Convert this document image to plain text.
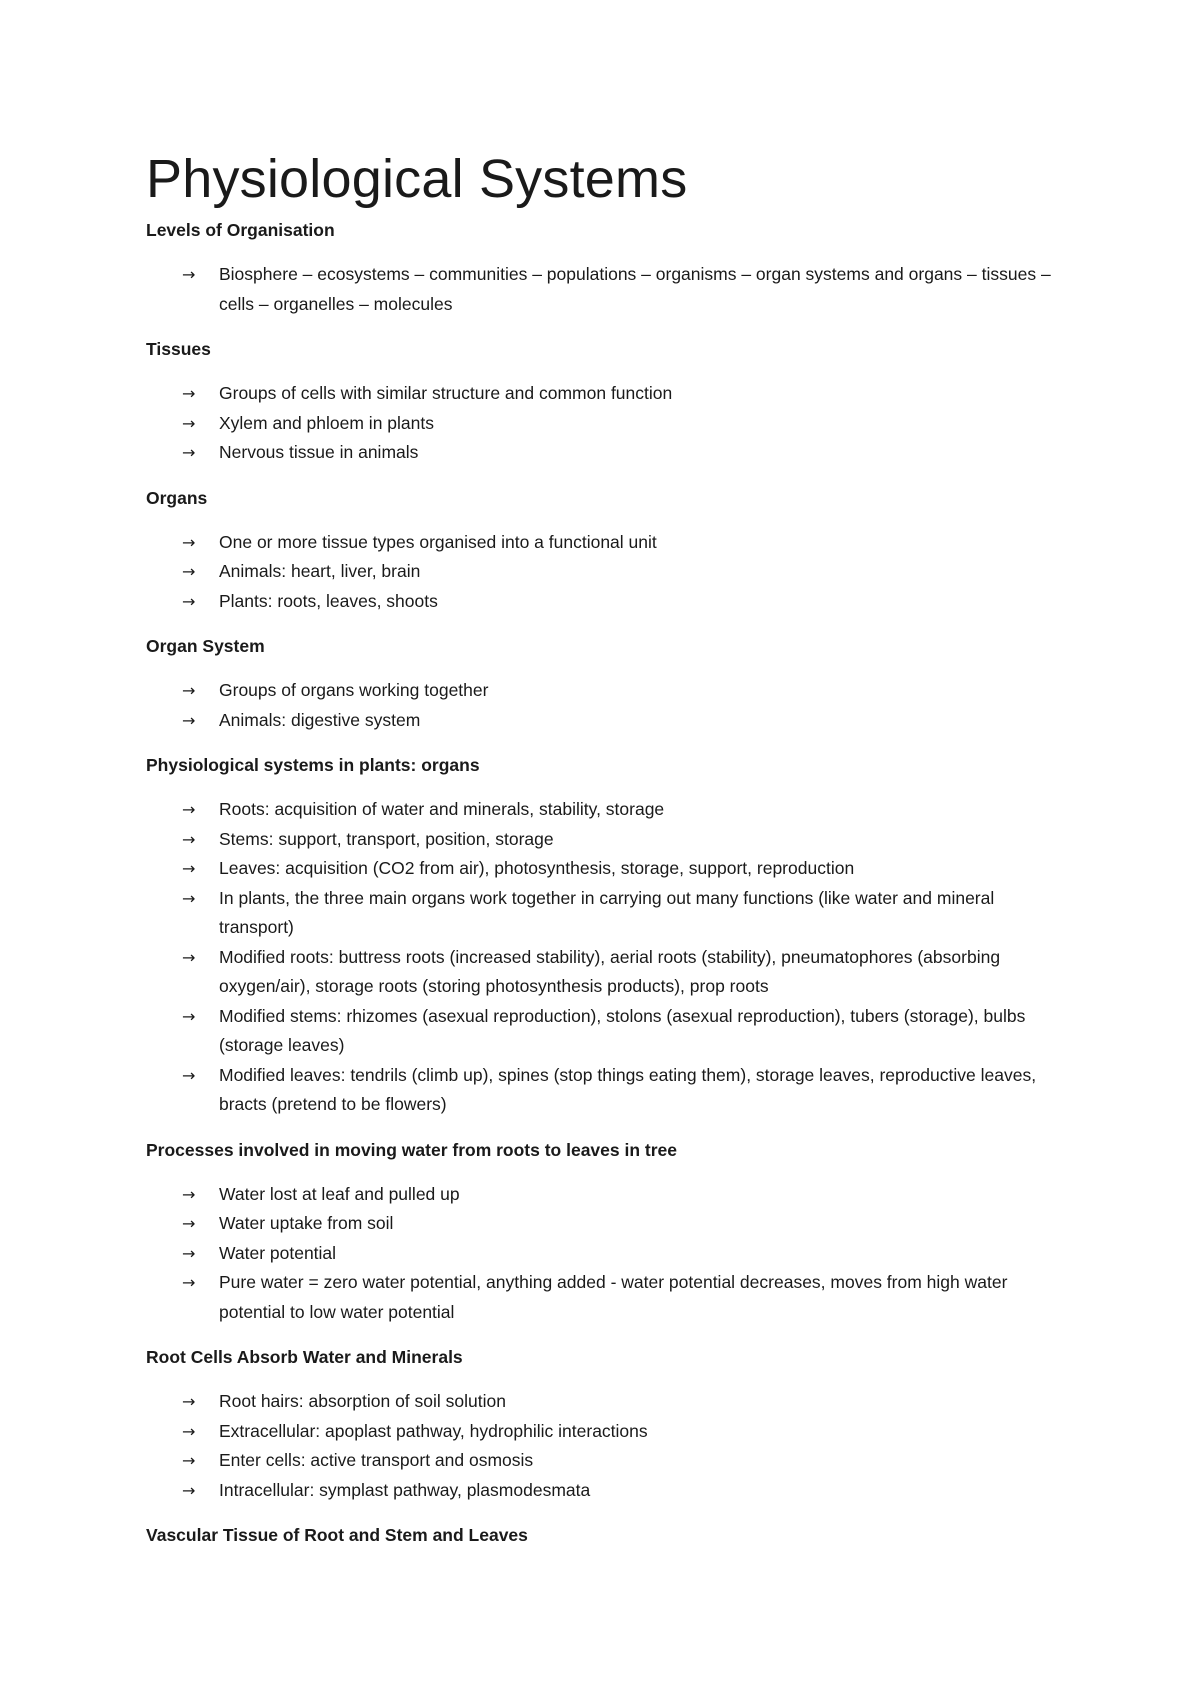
Physiological Systems
Levels of Organisation
→ Biosphere – ecosystems – communities – populations – organisms – organ systems and organs – tissues – cells – organelles – molecules
Tissues
→ Groups of cells with similar structure and common function
→ Xylem and phloem in plants
→ Nervous tissue in animals
Organs
→ One or more tissue types organised into a functional unit
→ Animals: heart, liver, brain
→ Plants: roots, leaves, shoots
Organ System
→ Groups of organs working together
→ Animals: digestive system
Physiological systems in plants: organs
→ Roots: acquisition of water and minerals, stability, storage
→ Stems: support, transport, position, storage
→ Leaves: acquisition (CO2 from air), photosynthesis, storage, support, reproduction
→ In plants, the three main organs work together in carrying out many functions (like water and mineral transport)
→ Modified roots: buttress roots (increased stability), aerial roots (stability), pneumatophores (absorbing oxygen/air), storage roots (storing photosynthesis products), prop roots
→ Modified stems: rhizomes (asexual reproduction), stolons (asexual reproduction), tubers (storage), bulbs (storage leaves)
→ Modified leaves: tendrils (climb up), spines (stop things eating them), storage leaves, reproductive leaves, bracts (pretend to be flowers)
Processes involved in moving water from roots to leaves in tree
→ Water lost at leaf and pulled up
→ Water uptake from soil
→ Water potential
→ Pure water = zero water potential, anything added - water potential decreases, moves from high water potential to low water potential
Root Cells Absorb Water and Minerals
→ Root hairs: absorption of soil solution
→ Extracellular: apoplast pathway, hydrophilic interactions
→ Enter cells: active transport and osmosis
→ Intracellular: symplast pathway, plasmodesmata
Vascular Tissue of Root and Stem and Leaves
